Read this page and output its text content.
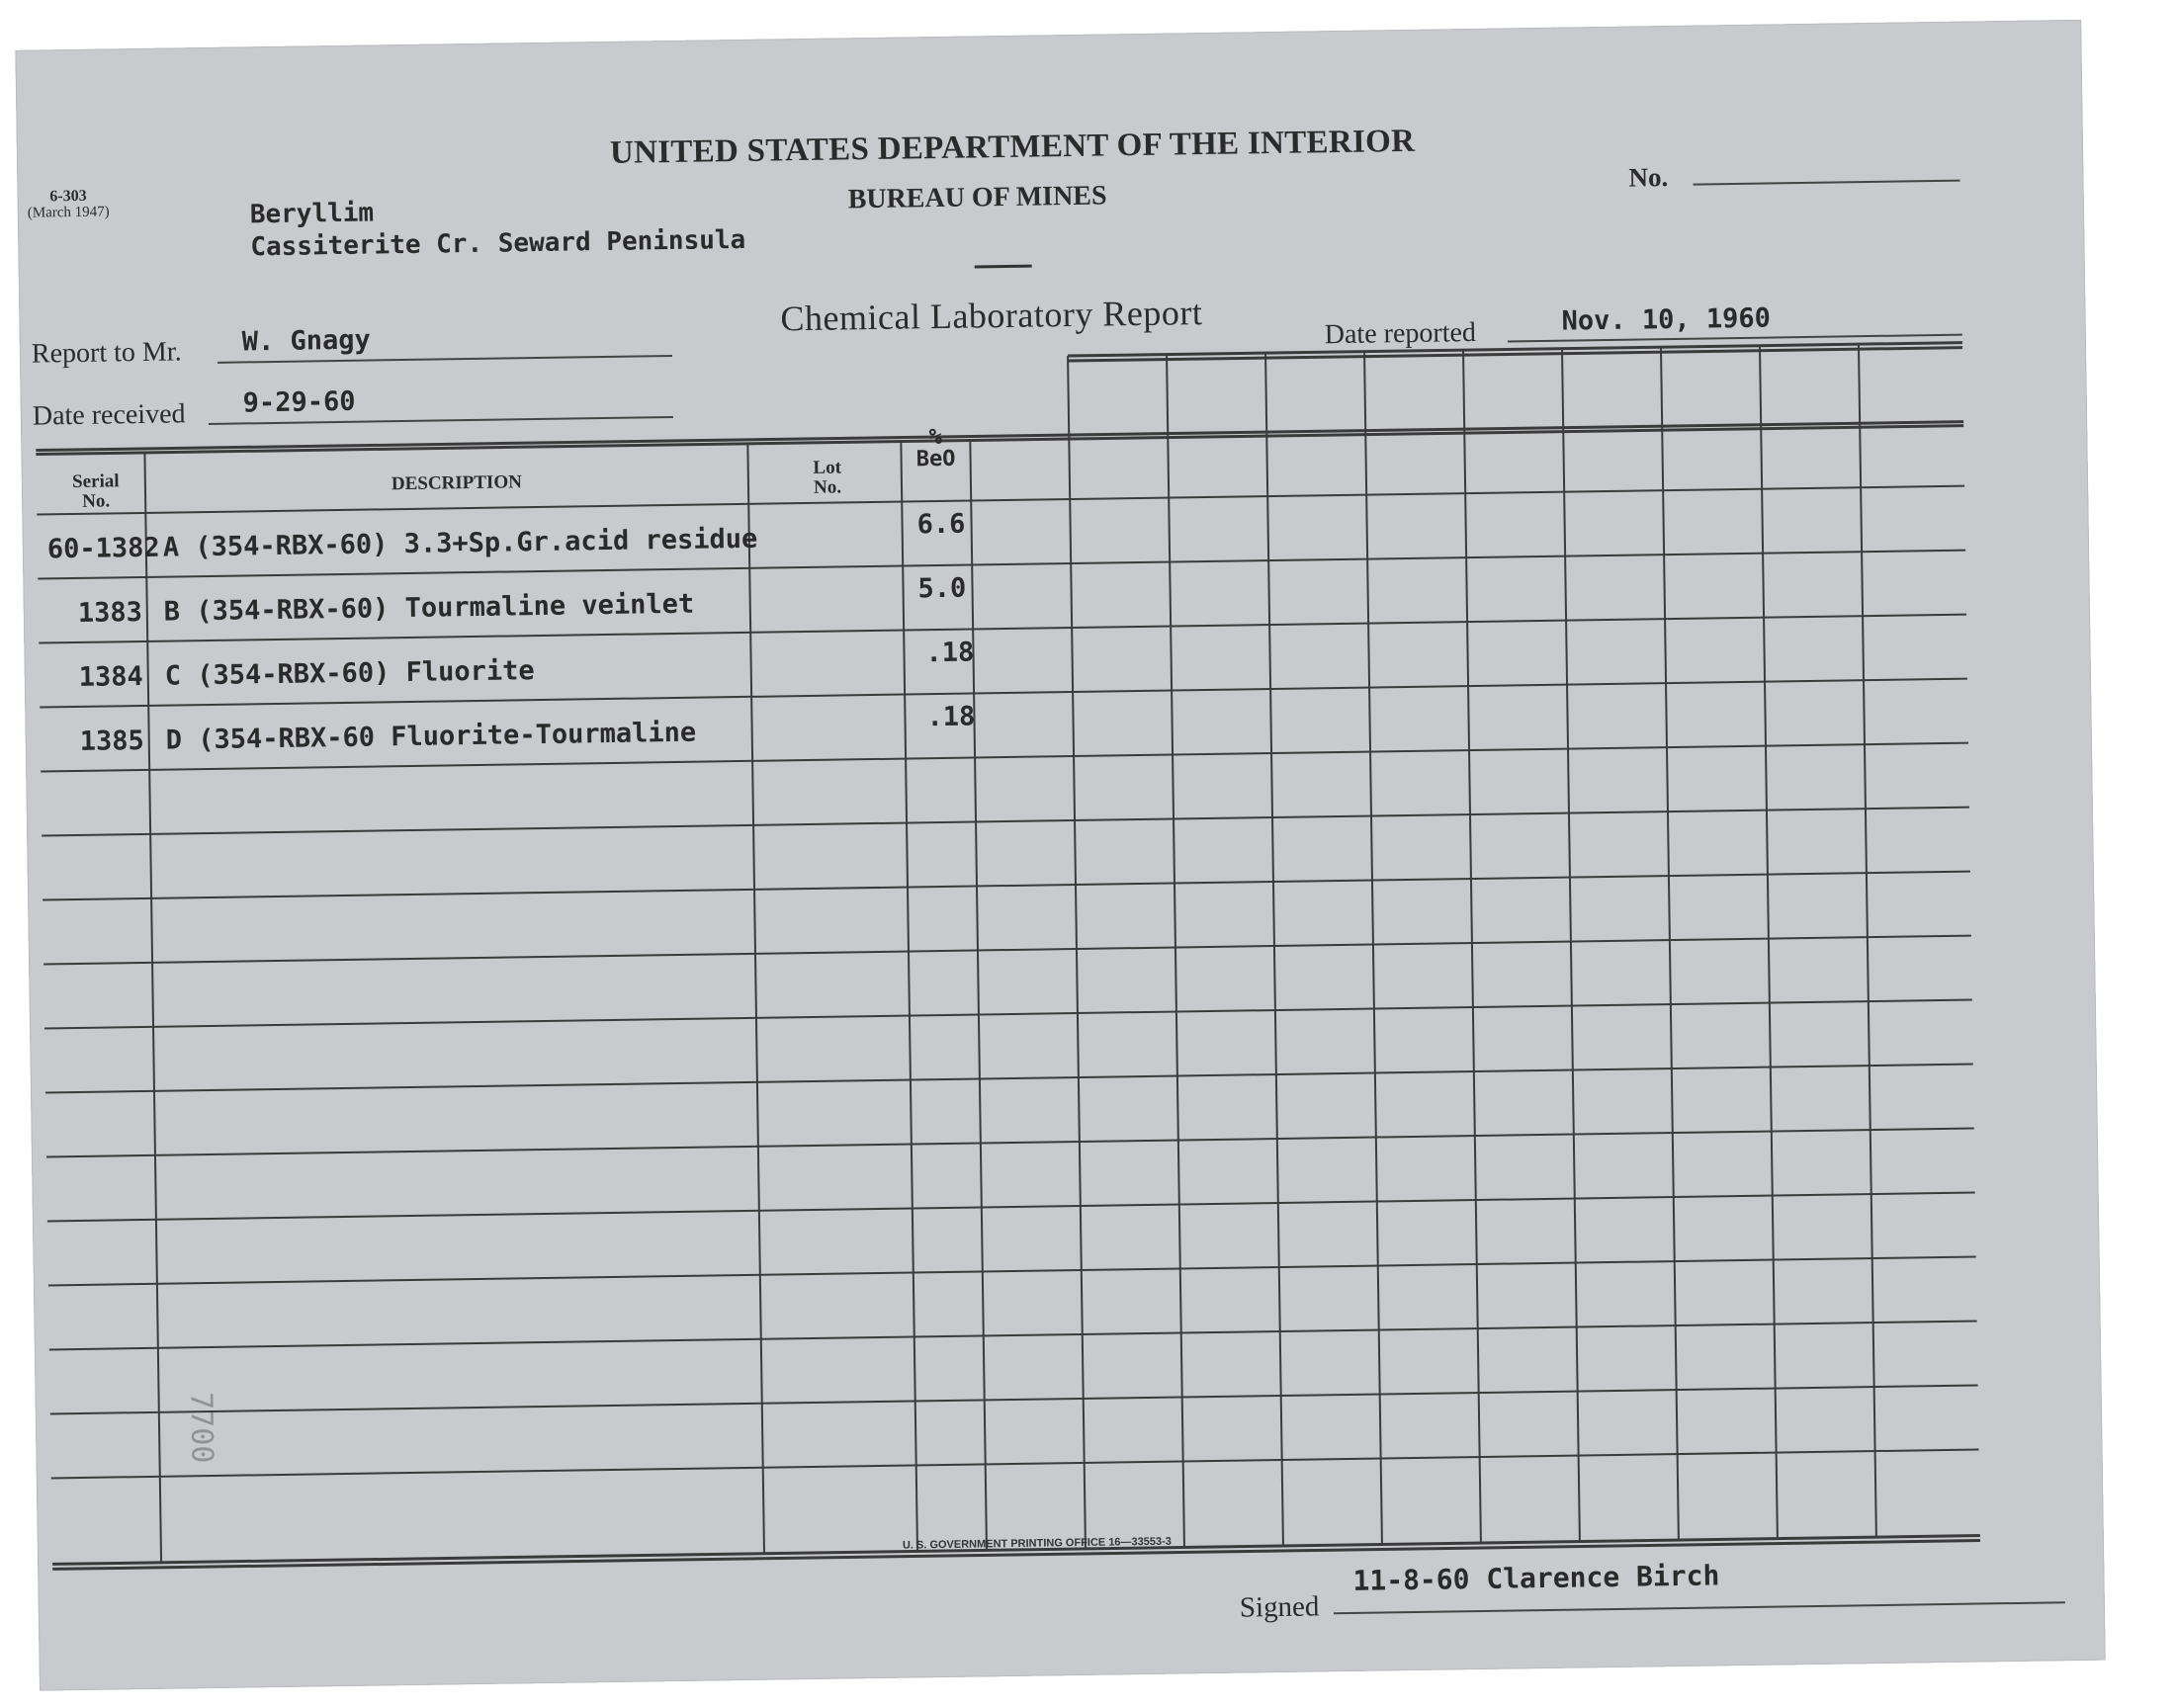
6-303
(March 1947)
UNITED STATES DEPARTMENT OF THE INTERIOR
BUREAU OF MINES
Chemical Laboratory Report
No.
Beryllim
Cassiterite Cr. Seward Peninsula
Report to Mr. W. Gnagy
Date received 9-29-60
Date reported	Nov. 10, 1960
Serial
No.
DESCRIPTION
Lot
No.
%
BeO
60-1382 A (354-RBX-60) 3.3+Sp.Gr.acid residue	6.6
1383 B (354-RBX-60) Tourmaline veinlet
5.0
1384 C (354-RBX-60) Fluorite
.18
1385 D (354-RBX-60 Fluorite-Tourmaline
.18
7700
U. S. GOVERNMENT PRINTING OFFICE 16—33553-3
Signed
11-8-60 Clarence Birch
